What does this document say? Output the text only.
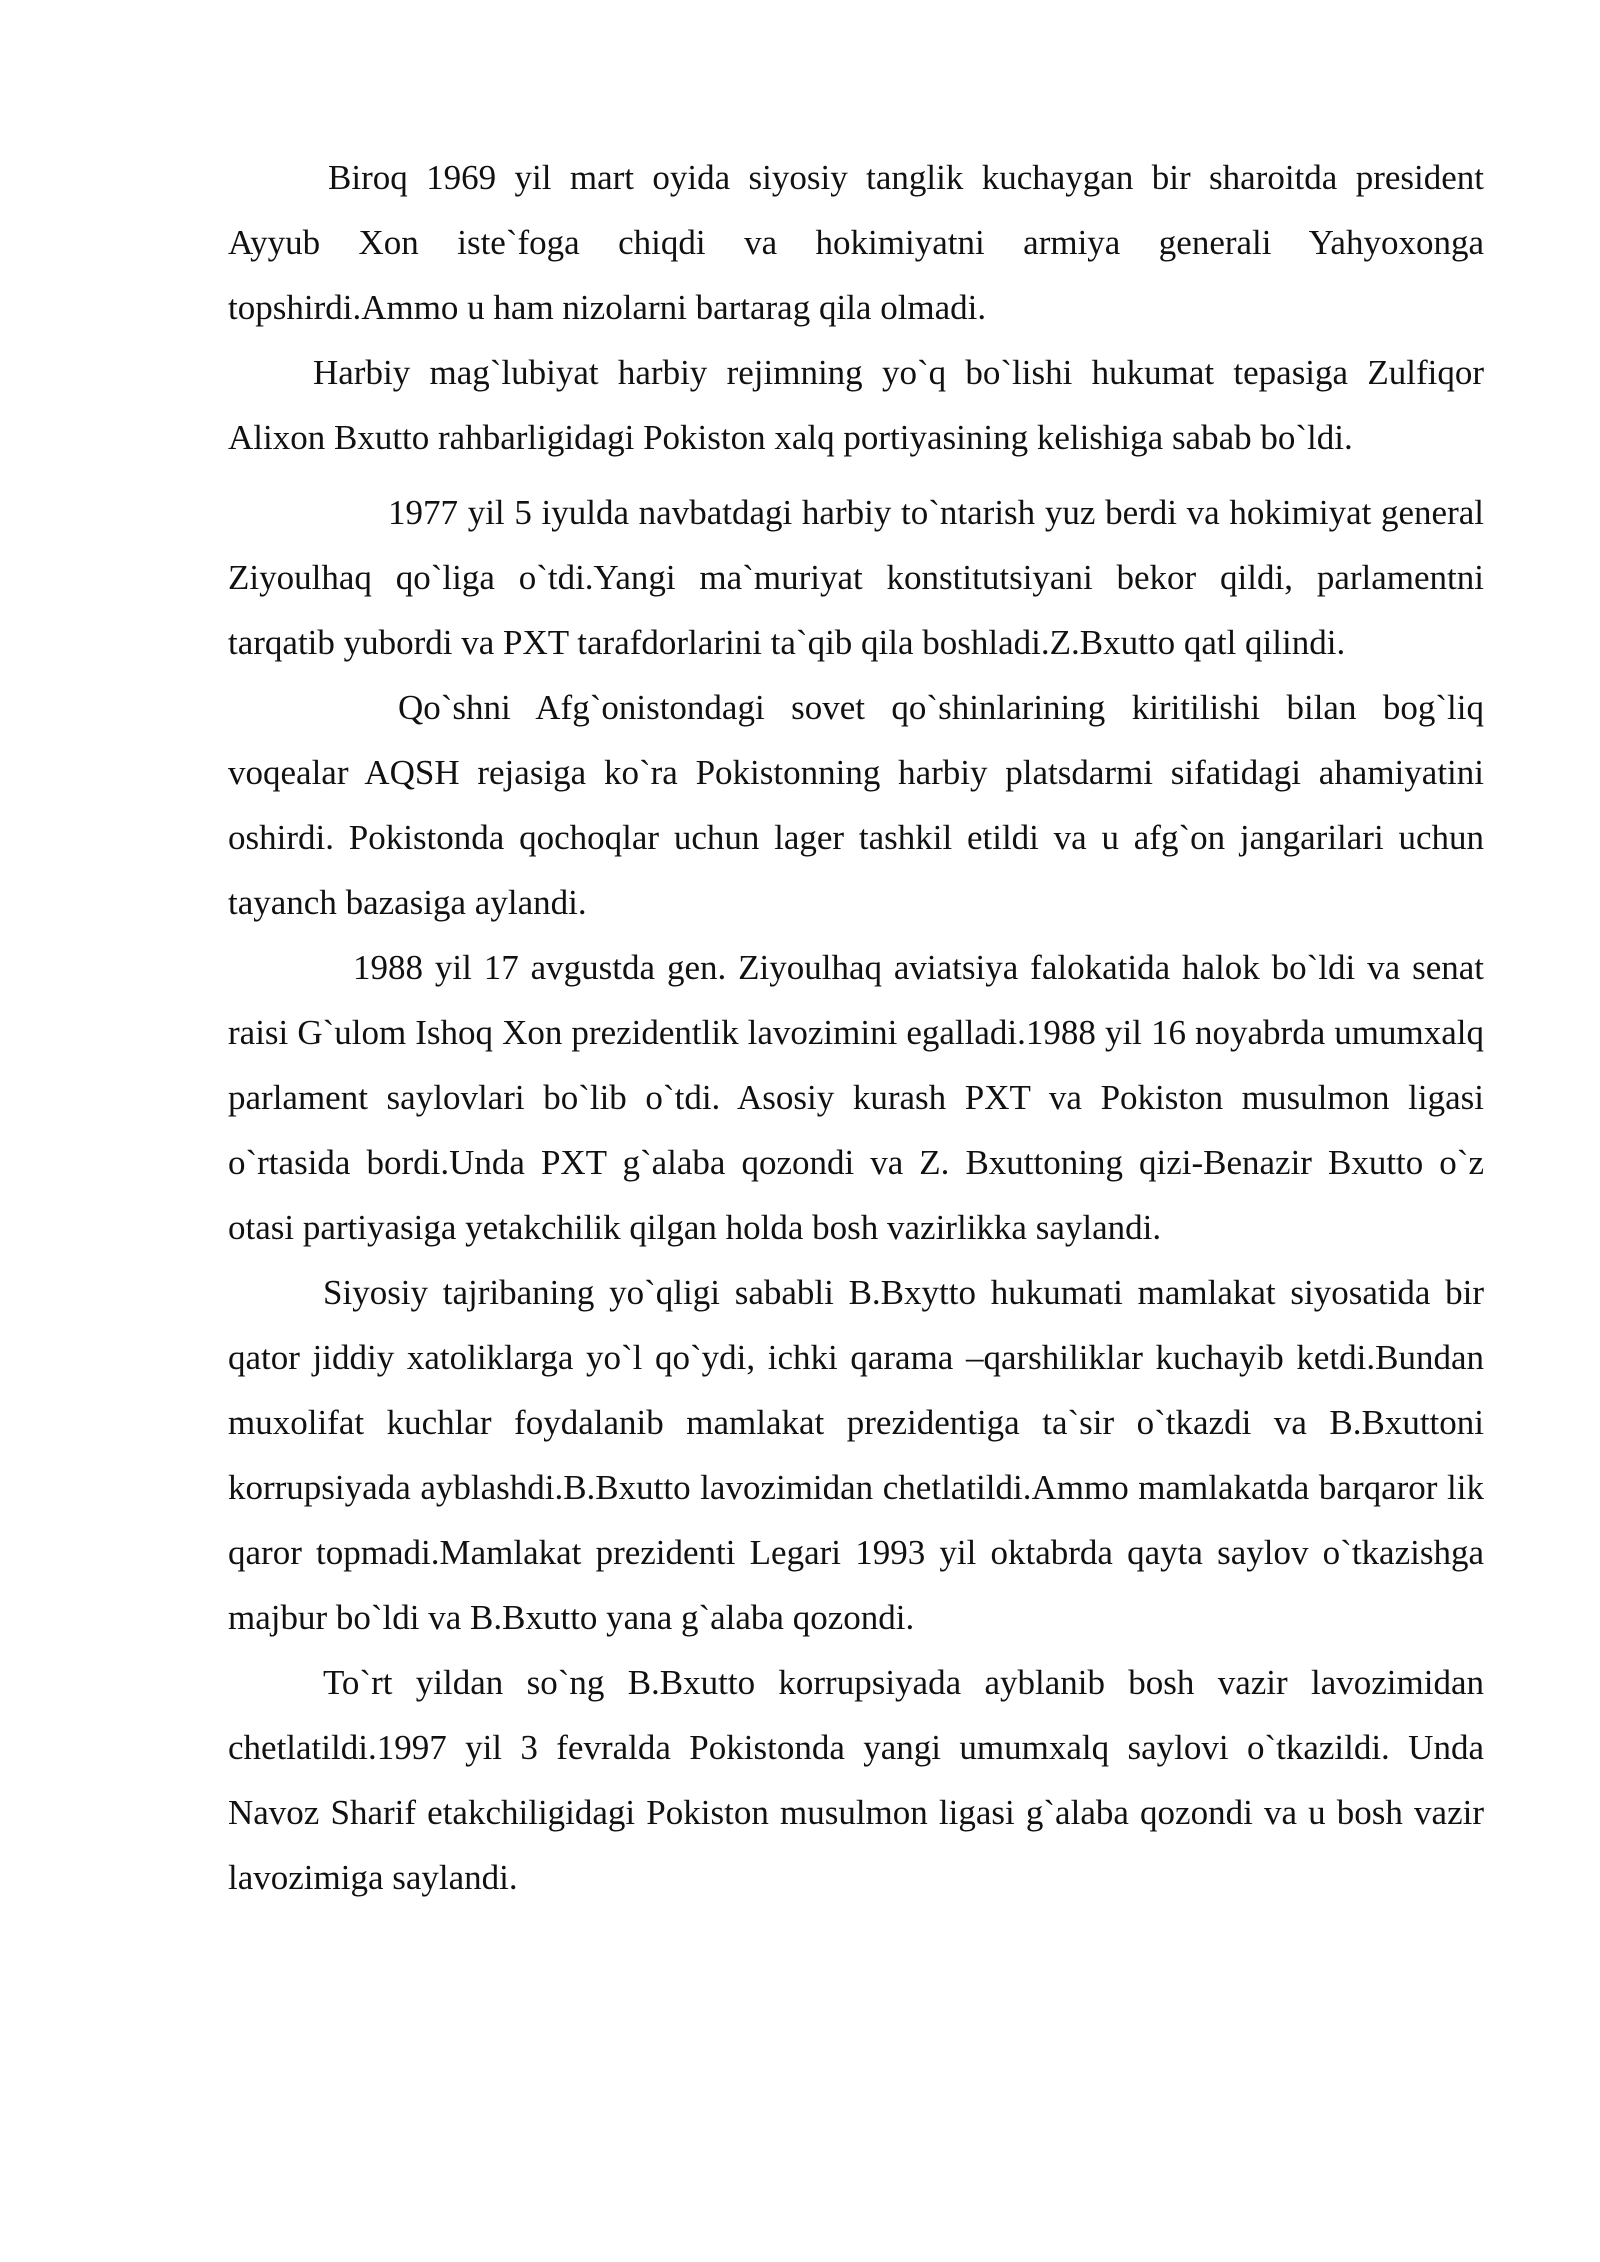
Biroq 1969 yil mart oyida siyosiy tanglik kuchaygan bir sharoitda president Ayyub Xon iste`foga chiqdi va hokimiyatni armiya generali Yahyoxonga topshirdi.Ammo u ham nizolarni bartarag qila olmadi.

Harbiy mag`lubiyat harbiy rejimning yo`q bo`lishi hukumat tepasiga Zulfiqor Alixon Bxutto rahbarligidagi Pokiston xalq portiyasining kelishiga sabab bo`ldi.

1977 yil 5 iyulda navbatdagi harbiy to`ntarish yuz berdi va hokimiyat general Ziyoulhaq qo`liga o`tdi.Yangi ma`muriyat konstitutsiyani bekor qildi, parlamentni tarqatib yubordi va PXT tarafdorlarini ta`qib qila boshladi.Z.Bxutto qatl qilindi.

Qo`shni Afg`onistondagi sovet qo`shinlarining kiritilishi bilan bog`liq voqealar AQSH rejasiga ko`ra Pokistonning harbiy platsdarmi sifatidagi ahamiyatini oshirdi. Pokistonda qochoqlar uchun lager tashkil etildi va u afg`on jangarilari uchun tayanch bazasiga aylandi.

1988 yil 17 avgustda gen. Ziyoulhaq aviatsiya falokatida halok bo`ldi va senat raisi G`ulom Ishoq Xon prezidentlik lavozimini egalladi.1988 yil 16 noyabrda umumxalq parlament saylovlari bo`lib o`tdi. Asosiy kurash PXT va Pokiston musulmon ligasi o`rtasida bordi.Unda PXT g`alaba qozondi va Z. Bxuttoning qizi-Benazir Bxutto o`z otasi partiyasiga yetakchilik qilgan holda bosh vazirlikka saylandi.

Siyosiy tajribaning yo`qligi sababli B.Bxytto hukumati mamlakat siyosatida bir qator jiddiy xatoliklarga yo`l qo`ydi, ichki qarama –qarshiliklar kuchayib ketdi.Bundan muxolifat kuchlar foydalanib mamlakat prezidentiga ta`sir o`tkazdi va B.Bxuttoni korrupsiyada ayblashdi.B.Bxutto lavozimidan chetlatildi.Ammo mamlakatda barqaror lik qaror topmadi.Mamlakat prezidenti Legari 1993 yil oktabrda qayta saylov o`tkazishga majbur bo`ldi va B.Bxutto yana g`alaba qozondi.

To`rt yildan so`ng B.Bxutto korrupsiyada ayblanib bosh vazir lavozimidan chetlatildi.1997 yil 3 fevralda Pokistonda yangi umumxalq saylovi o`tkazildi. Unda Navoz Sharif etakchiligidagi Pokiston musulmon ligasi g`alaba qozondi va u bosh vazir lavozimiga saylandi.
